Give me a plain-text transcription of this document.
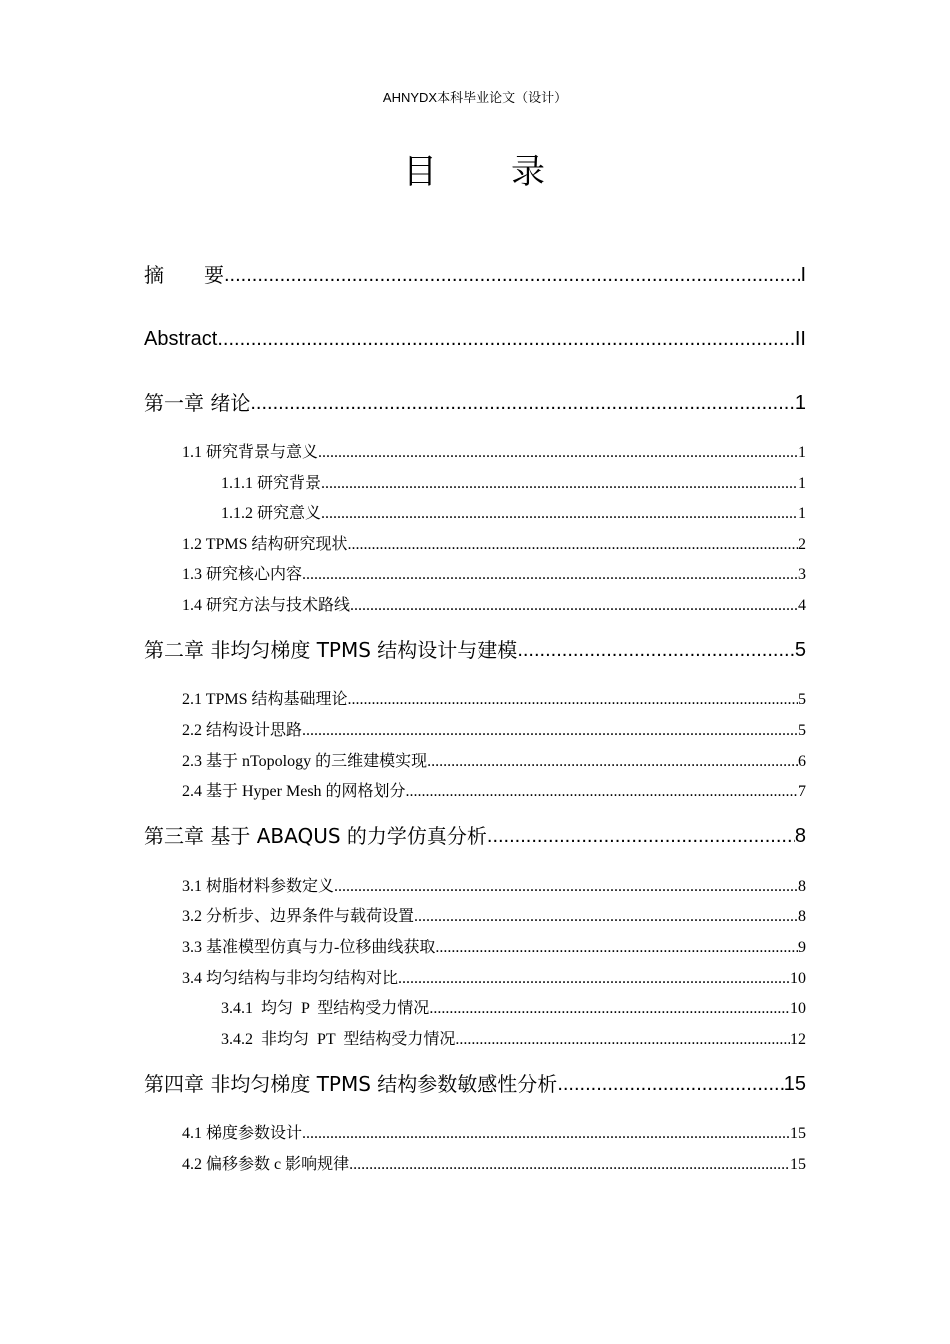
AHNYDX本科毕业论文（设计）
目 录
摘　　要 .....	I
Abstract .....	II
第一章 绪论 .....	1
1.1 研究背景与意义 .....	1
1.1.1 研究背景 .....	1
1.1.2 研究意义 .....	1
1.2 TPMS 结构研究现状 .....	2
1.3 研究核心内容 .....	3
1.4 研究方法与技术路线 .....	4
第二章 非均匀梯度 TPMS 结构设计与建模 .....	5
2.1 TPMS 结构基础理论 .....	5
2.2 结构设计思路 .....	5
2.3 基于 nTopology 的三维建模实现 .....	6
2.4 基于 Hyper Mesh 的网格划分 .....	7
第三章 基于 ABAQUS 的力学仿真分析 .....	8
3.1 树脂材料参数定义 .....	8
3.2 分析步、边界条件与载荷设置 .....	8
3.3 基准模型仿真与力-位移曲线获取 .....	9
3.4 均匀结构与非均匀结构对比 .....	10
3.4.1  均匀  P  型结构受力情况 .....	10
3.4.2  非均匀  PT  型结构受力情况 .....	12
第四章 非均匀梯度 TPMS 结构参数敏感性分析 .....	15
4.1 梯度参数设计 .....	15
4.2 偏移参数 c 影响规律 .....	15
